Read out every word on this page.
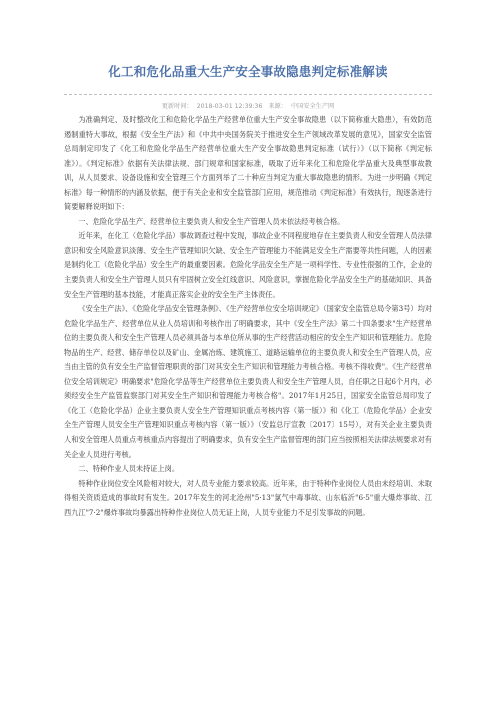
化工和危化品重大生产安全事故隐患判定标准解读
更新时间： 2018-03-01 12:39:36 来源： 中国安全生产网

为准确判定、及时整改化工和危险化学品生产经营单位重大生产安全事故隐患（以下简称重大隐患），有效防范遏制重特大事故，根据《安全生产法》和《中共中央国务院关于推进安全生产领域改革发展的意见》，国家安全监管总局制定印发了《化工和危险化学品生产经营单位重大生产安全事故隐患判定标准（试行）》（以下简称《判定标准》）。《判定标准》依据有关法律法规、部门规章和国家标准，吸取了近年来化工和危险化学品重大及典型事故教训，从人员要求、设备设施和安全管理三个方面列举了二十种应当判定为重大事故隐患的情形。为进一步明确《判定标准》每一种情形的内涵及依据，便于有关企业和安全监管部门应用，规范推动《判定标准》有效执行，现逐条进行简要解释说明如下：

一、危险化学品生产、经营单位主要负责人和安全生产管理人员未依法经考核合格。

近年来，在化工（危险化学品）事故调查过程中发现，事故企业不同程度地存在主要负责人和安全管理人员法律意识和安全风险意识淡薄、安全生产管理知识欠缺、安全生产管理能力不能满足安全生产需要等共性问题，人的因素是制约化工（危险化学品）安全生产的最重要因素。危险化学品安全生产是一项科学性、专业性很强的工作，企业的主要负责人和安全生产管理人员只有牢固树立安全红线意识、风险意识，掌握危险化学品安全生产的基础知识、具备安全生产管理的基本技能，才能真正落实企业的安全生产主体责任。

《安全生产法》、《危险化学品安全管理条例》、《生产经营单位安全培训规定》（国家安全监管总局令第3号）均对危险化学品生产、经营单位从业人员培训和考核作出了明确要求，其中《安全生产法》第二十四条要求"生产经营单位的主要负责人和安全生产管理人员必须具备与本单位所从事的生产经营活动相应的安全生产知识和管理能力。危险物品的生产、经营、储存单位以及矿山、金属冶炼、建筑施工、道路运输单位的主要负责人和安全生产管理人员，应当由主管的负有安全生产监督管理职责的部门对其安全生产知识和管理能力考核合格。考核不得收费"。《生产经营单位安全培训规定》明确要求"危险化学品等生产经营单位主要负责人和安全生产管理人员，自任职之日起6个月内，必须经安全生产监管监察部门对其安全生产知识和管理能力考核合格"。2017年1月25日，国家安全监管总局印发了《化工（危险化学品）企业主要负责人安全生产管理知识重点考核内容（第一版）》和《化工（危险化学品）企业安全生产管理人员安全生产管理知识重点考核内容（第一版）》（安监总厅宣教〔2017〕15号），对有关企业主要负责人和安全管理人员重点考核重点内容提出了明确要求，负有安全生产监督管理的部门应当按照相关法律法规要求对有关企业人员进行考核。

二、特种作业人员未持证上岗。

特种作业岗位安全风险相对较大，对人员专业能力要求较高。近年来，由于特种作业岗位人员由未经培训、未取得相关资质造成的事故时有发生。2017年发生的河北沧州"5·13"氯气中毒事故、山东临沂"6·5"重大爆炸事故、江西九江"7·2"爆炸事故均暴露出特种作业岗位人员无证上岗，人员专业能力不足引发事故的问题。
